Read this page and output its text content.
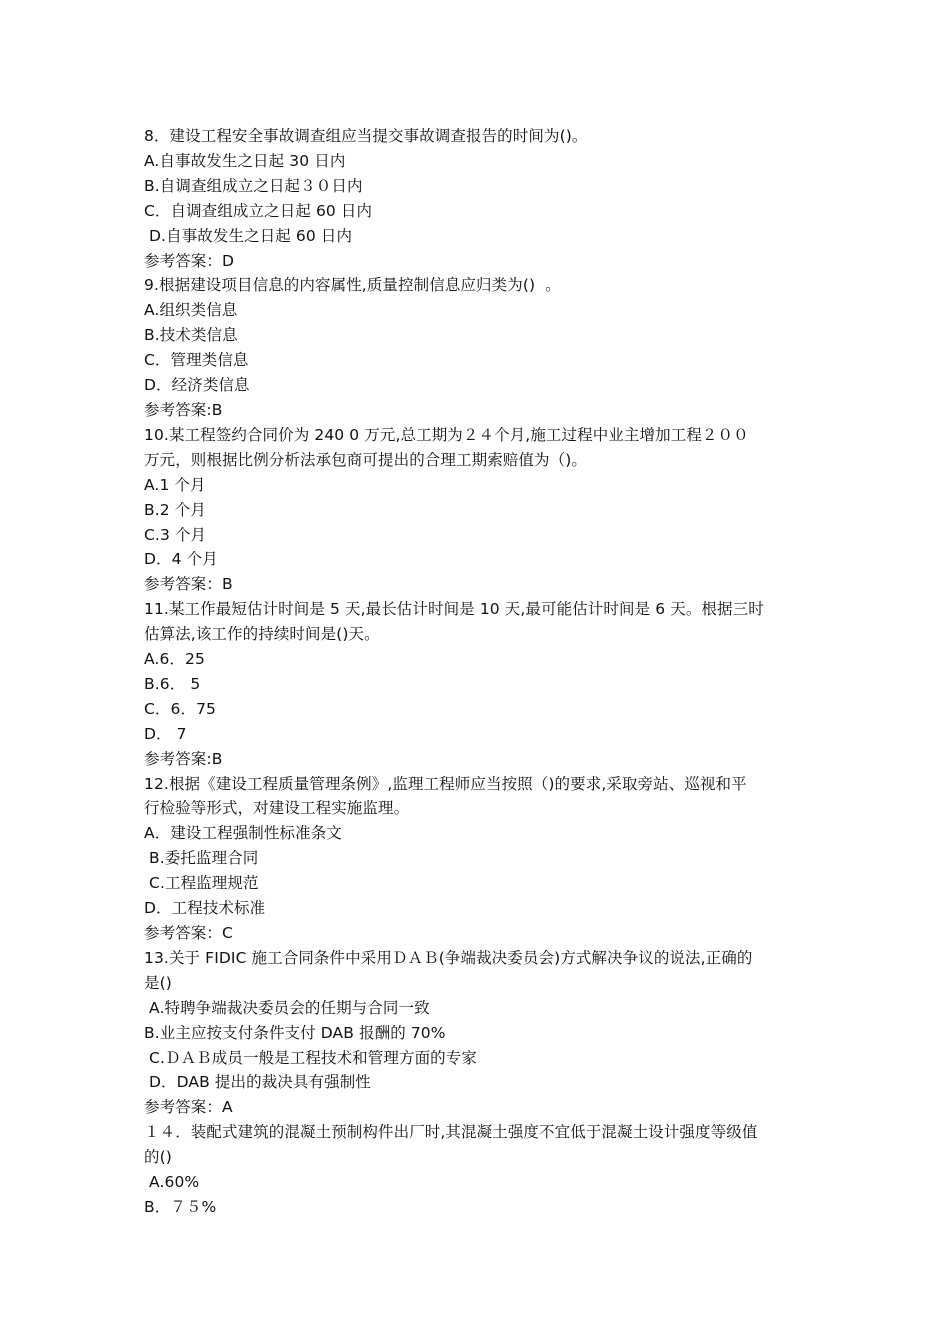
8．建设工程安全事故调查组应当提交事故调查报告的时间为()。
A.自事故发生之日起 30 日内
B.自调查组成立之日起３０日内
C．自调查组成立之日起 60 日内
D.自事故发生之日起 60 日内
参考答案：D
9.根据建设项目信息的内容属性,质量控制信息应归类为()  。
A.组织类信息
B.技术类信息
C．管理类信息
D．经济类信息
参考答案:B
10.某工程签约合同价为 240 0 万元,总工期为２４个月,施工过程中业主增加工程２００
万元，则根据比例分析法承包商可提出的合理工期索赔值为（)。
A.1 个月
B.2 个月
C.3 个月
D．4 个月
参考答案：B
11.某工作最短估计时间是 5 天,最长估计时间是 10 天,最可能估计时间是 6 天。根据三时
估算法,该工作的持续时间是()天。
A.6．25
B.6． 5
C．6．75
D． 7
参考答案:B
12.根据《建设工程质量管理条例》,监理工程师应当按照（)的要求,采取旁站、巡视和平
行检验等形式，对建设工程实施监理。
A．建设工程强制性标准条文
B.委托监理合同
C.工程监理规范
D．工程技术标准
参考答案：C
13.关于 FIDIC 施工合同条件中采用ＤＡＢ(争端裁决委员会)方式解决争议的说法,正确的
是()
A.特聘争端裁决委员会的任期与合同一致
B.业主应按支付条件支付 DAB 报酬的 70%
C.ＤＡＢ成员一般是工程技术和管理方面的专家
D．DAB 提出的裁决具有强制性
参考答案：A
１４．装配式建筑的混凝土预制构件出厂时,其混凝土强度不宜低于混凝土设计强度等级值
的()
A.60%
B．７５%
